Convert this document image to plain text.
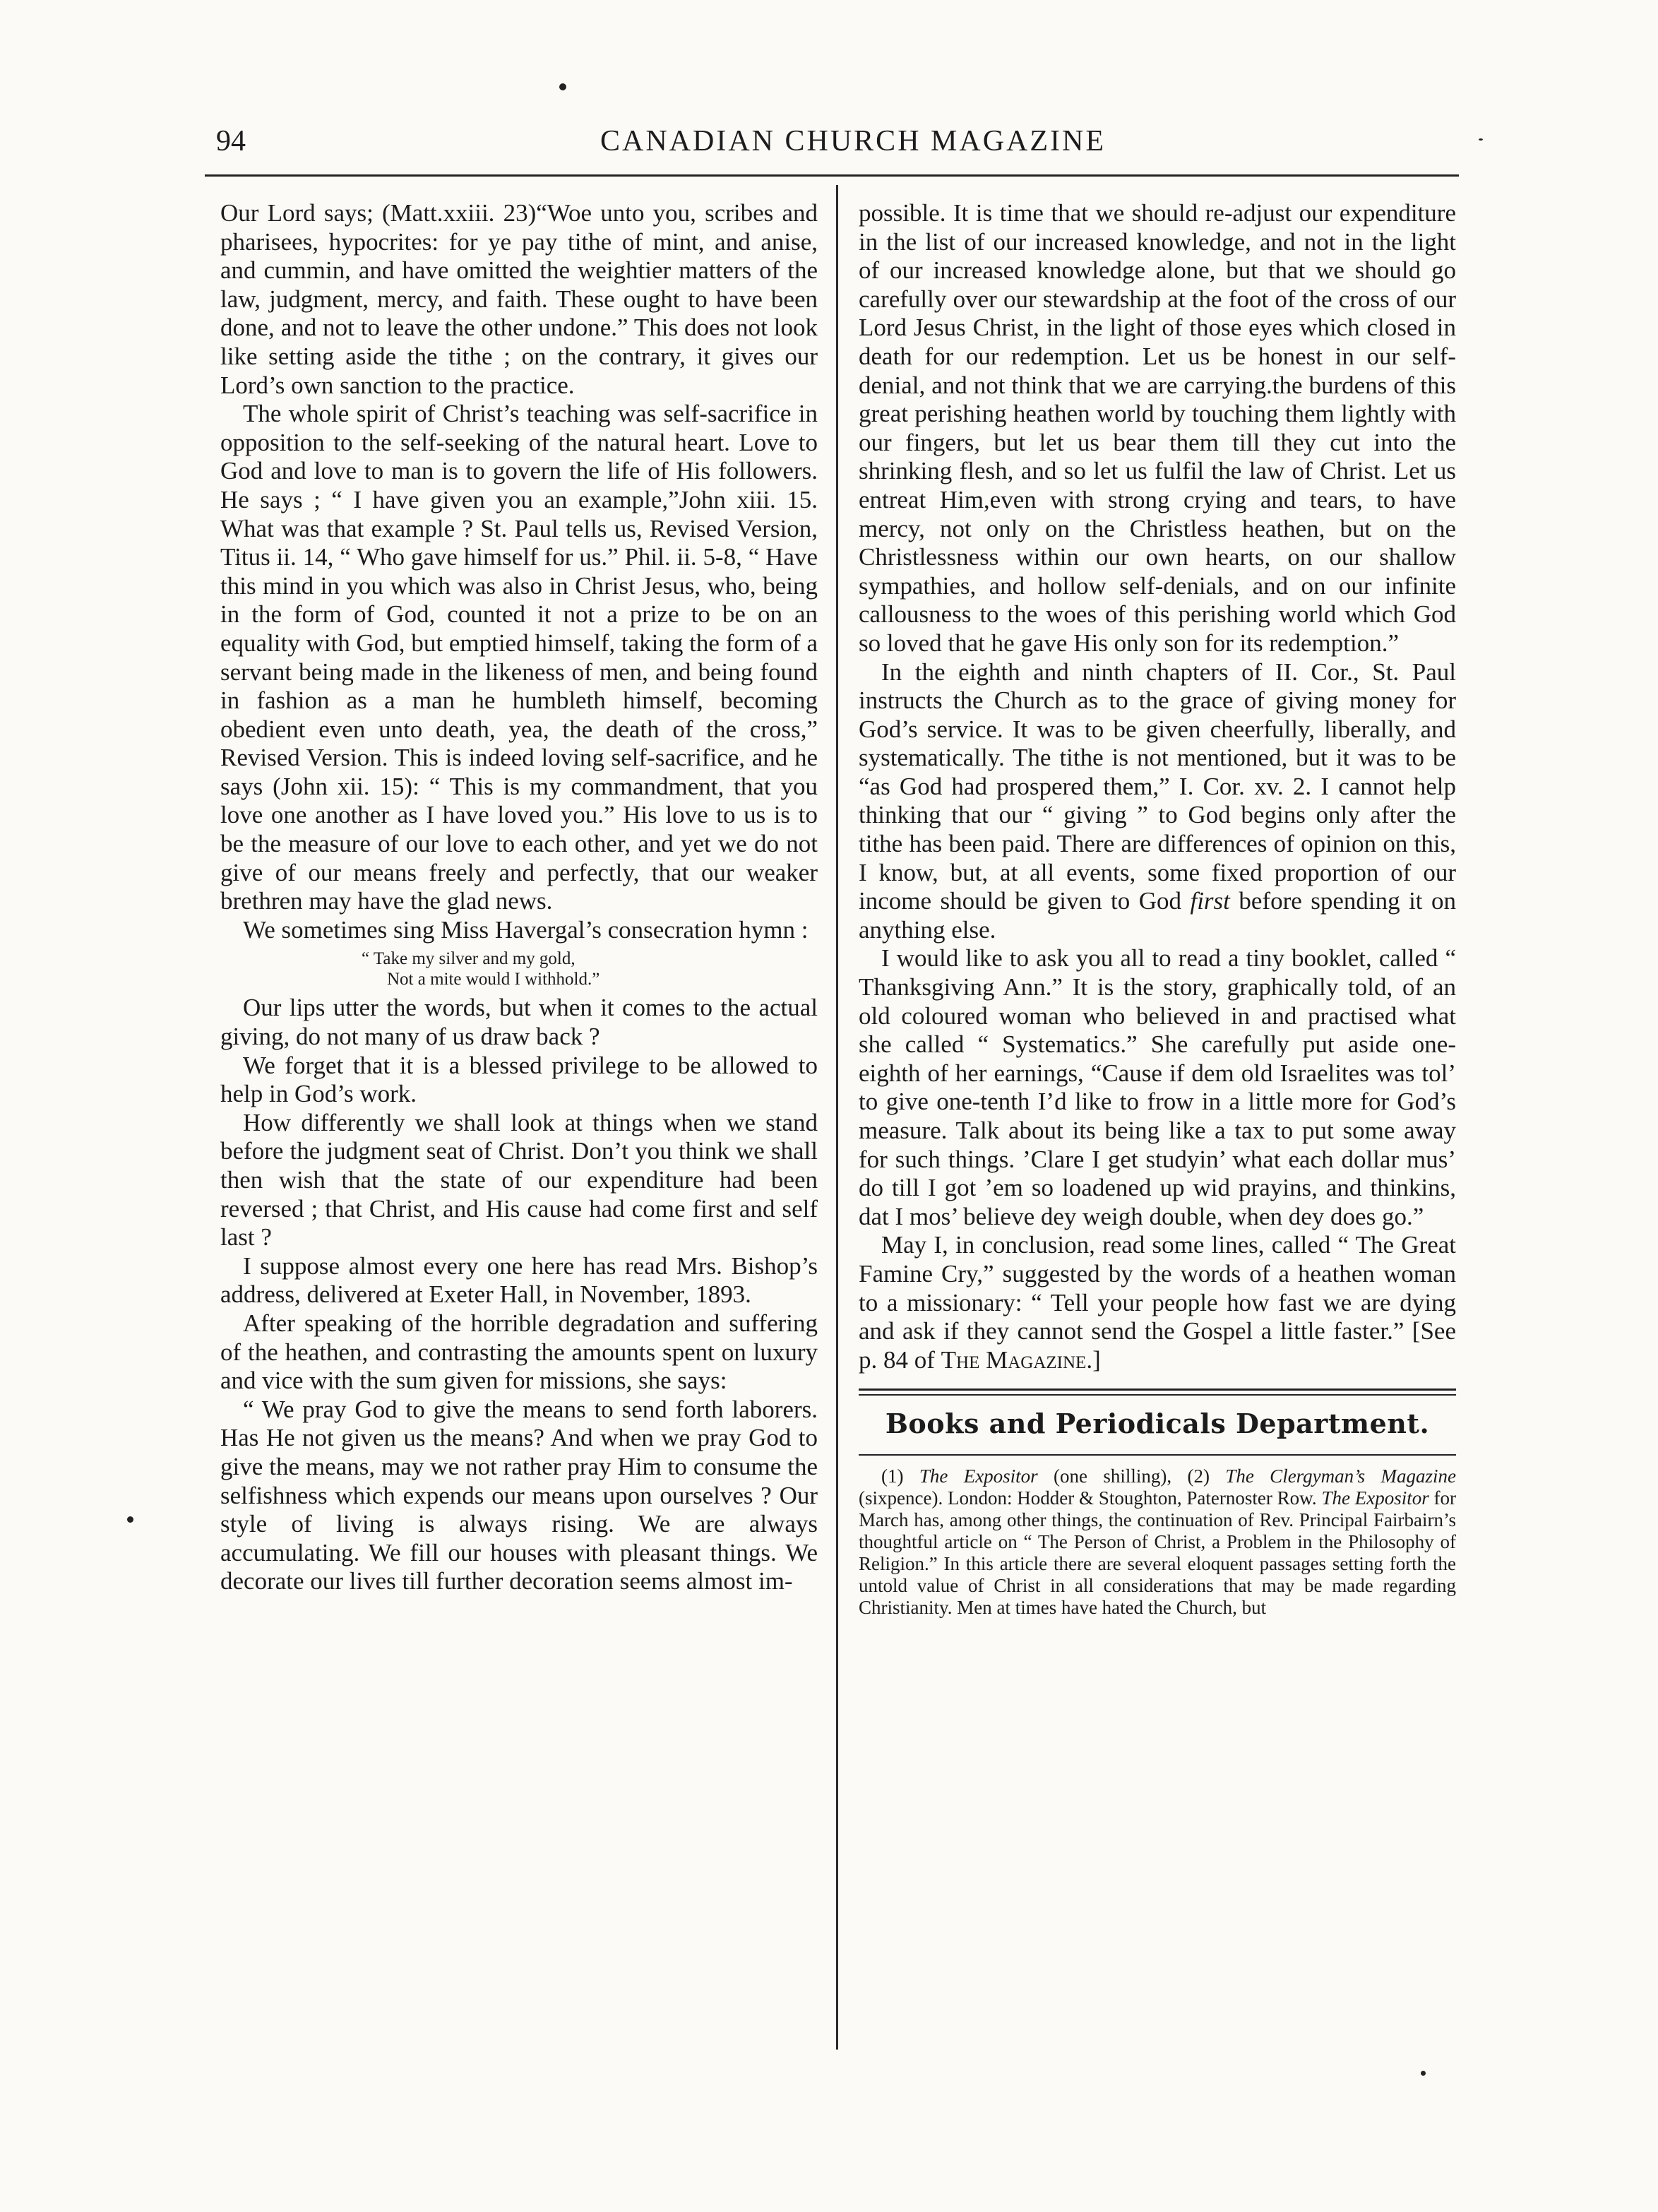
94	CANADIAN CHURCH MAGAZINE

Our Lord says; (Matt.xxiii. 23)“Woe unto you, scribes and pharisees, hypocrites: for ye pay tithe of mint, and anise, and cummin, and have omitted the weightier matters of the law, judgment, mercy, and faith. These ought to have been done, and not to leave the other undone.” This does not look like setting aside the tithe ; on the contrary, it gives our Lord’s own sanction to the practice.

The whole spirit of Christ’s teaching was self-sacrifice in opposition to the self-seeking of the natural heart. Love to God and love to man is to govern the life of His followers. He says ; “ I have given you an example,”John xiii. 15. What was that example ? St. Paul tells us, Revised Version, Titus ii. 14, “ Who gave himself for us.” Phil. ii. 5-8, “ Have this mind in you which was also in Christ Jesus, who, being in the form of God, counted it not a prize to be on an equality with God, but emptied himself, taking the form of a servant being made in the likeness of men, and being found in fashion as a man he humbleth himself, becoming obedient even unto death, yea, the death of the cross,” Revised Version. This is indeed loving self-sacrifice, and he says (John xii. 15): “ This is my commandment, that you love one another as I have loved you.” His love to us is to be the measure of our love to each other, and yet we do not give of our means freely and perfectly, that our weaker brethren may have the glad news.

We sometimes sing Miss Havergal’s consecration hymn :

“ Take my silver and my gold,
Not a mite would I withhold.”

Our lips utter the words, but when it comes to the actual giving, do not many of us draw back ?

We forget that it is a blessed privilege to be allowed to help in God’s work.

How differently we shall look at things when we stand before the judgment seat of Christ. Don’t you think we shall then wish that the state of our expenditure had been reversed ; that Christ, and His cause had come first and self last ?

I suppose almost every one here has read Mrs. Bishop’s address, delivered at Exeter Hall, in November, 1893.

After speaking of the horrible degradation and suffering of the heathen, and contrasting the amounts spent on luxury and vice with the sum given for missions, she says:

“ We pray God to give the means to send forth laborers. Has He not given us the means? And when we pray God to give the means, may we not rather pray Him to consume the selfishness which expends our means upon ourselves ? Our style of living is always rising. We are always accumulating. We fill our houses with pleasant things. We decorate our lives till further decoration seems almost im-

possible. It is time that we should re-adjust our expenditure in the list of our increased knowledge, and not in the light of our increased knowledge alone, but that we should go carefully over our stewardship at the foot of the cross of our Lord Jesus Christ, in the light of those eyes which closed in death for our redemption. Let us be honest in our self-denial, and not think that we are carrying.the burdens of this great perishing heathen world by touching them lightly with our fingers, but let us bear them till they cut into the shrinking flesh, and so let us fulfil the law of Christ. Let us entreat Him,even with strong crying and tears, to have mercy, not only on the Christless heathen, but on the Christlessness within our own hearts, on our shallow sympathies, and hollow self-denials, and on our infinite callousness to the woes of this perishing world which God so loved that he gave His only son for its redemption.”

In the eighth and ninth chapters of II. Cor., St. Paul instructs the Church as to the grace of giving money for God’s service. It was to be given cheerfully, liberally, and systematically. The tithe is not mentioned, but it was to be “as God had prospered them,” I. Cor. xv. 2. I cannot help thinking that our “ giving ” to God begins only after the tithe has been paid. There are differences of opinion on this, I know, but, at all events, some fixed proportion of our income should be given to God first before spending it on anything else.

I would like to ask you all to read a tiny booklet, called “ Thanksgiving Ann.” It is the story, graphically told, of an old coloured woman who believed in and practised what she called “ Systematics.” She carefully put aside one-eighth of her earnings, “Cause if dem old Israelites was tol’ to give one-tenth I’d like to frow in a little more for God’s measure. Talk about its being like a tax to put some away for such things. ’Clare I get studyin’ what each dollar mus’ do till I got ’em so loadened up wid prayins, and thinkins, dat I mos’ believe dey weigh double, when dey does go.”

May I, in conclusion, read some lines, called “ The Great Famine Cry,” suggested by the words of a heathen woman to a missionary: “ Tell your people how fast we are dying and ask if they cannot send the Gospel a little faster.” [See p. 84 of The Magazine.]

Books and Periodicals Department.

(1) The Expositor (one shilling), (2) The Clergyman’s Magazine (sixpence). London: Hodder & Stoughton, Paternoster Row. The Expositor for March has, among other things, the continuation of Rev. Principal Fairbairn’s thoughtful article on “ The Person of Christ, a Problem in the Philosophy of Religion.” In this article there are several eloquent passages setting forth the untold value of Christ in all considerations that may be made regarding Christianity. Men at times have hated the Church, but
